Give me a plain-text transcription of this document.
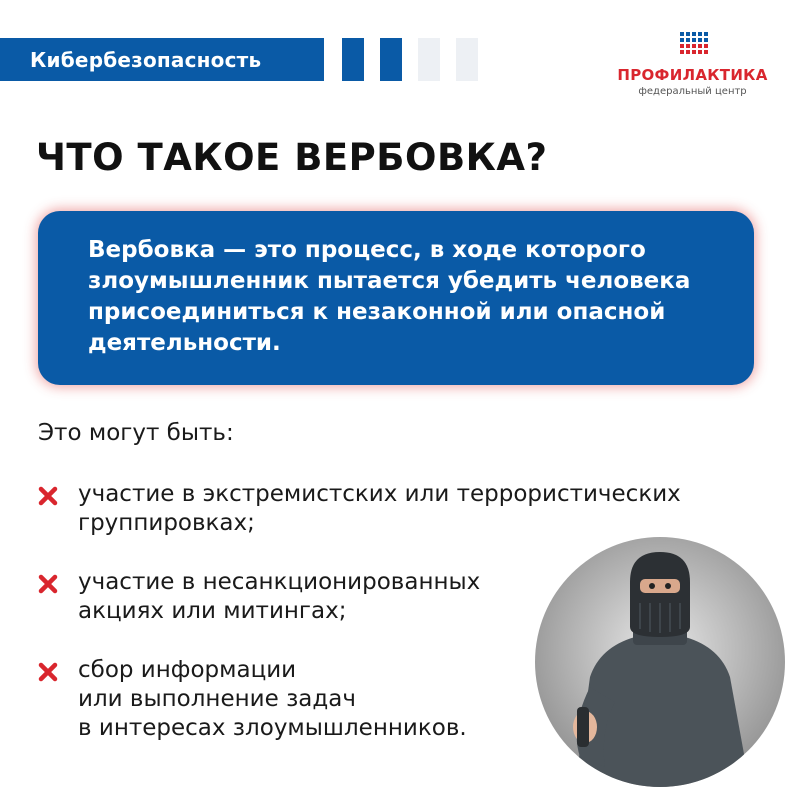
Кибербезопасность
ПРОФИЛАКТИКА
федеральный центр
ЧТО ТАКОЕ ВЕРБОВКА?

Вербовка — это процесс, в ходе которого
злоумышленник пытается убедить человека
присоединиться к незаконной или опасной
деятельности.

Это могут быть:
участие в экстремистских или террористических
группировках;
участие в несанкционированных
акциях или митингах;
сбор информации
или выполнение задач
в интересах злоумышленников.
